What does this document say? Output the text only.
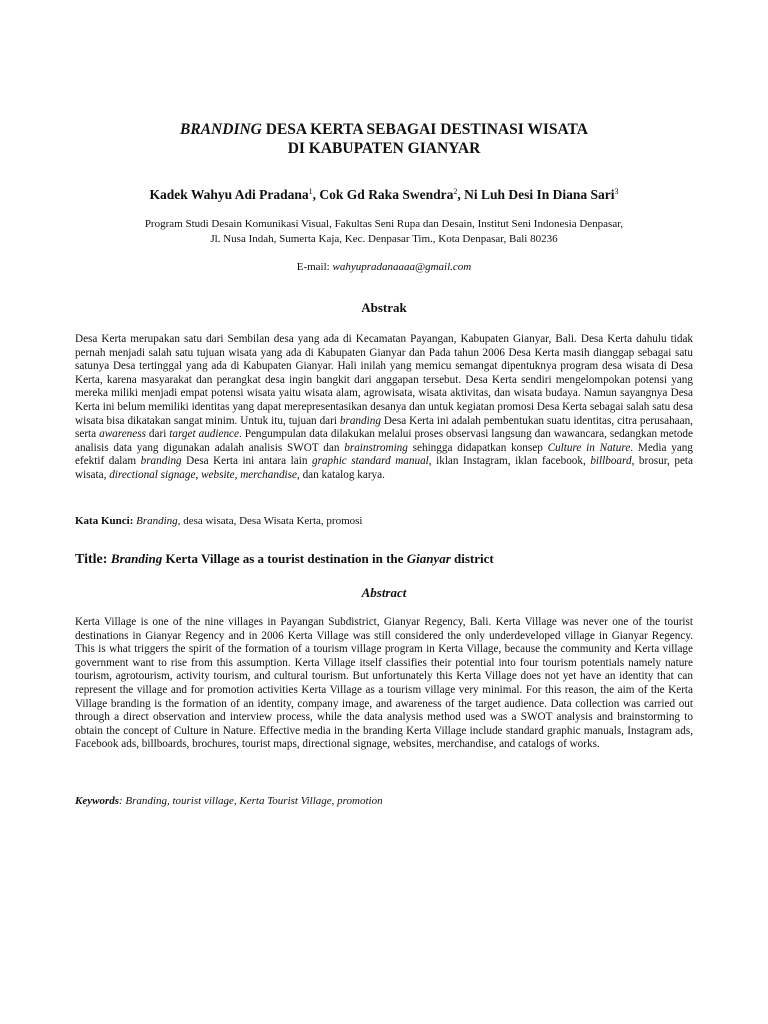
BRANDING DESA KERTA SEBAGAI DESTINASI WISATA
DI KABUPATEN GIANYAR
Kadek Wahyu Adi Pradana$^1$, Cok Gd Raka Swendra$^2$, Ni Luh Desi In Diana Sari$^3$
Program Studi Desain Komunikasi Visual, Fakultas Seni Rupa dan Desain, Institut Seni Indonesia Denpasar,
Jl. Nusa Indah, Sumerta Kaja, Kec. Denpasar Tim., Kota Denpasar, Bali 80236
E-mail: wahyupradanaaaa@gmail.com
Abstrak
Desa Kerta merupakan satu dari Sembilan desa yang ada di Kecamatan Payangan, Kabupaten Gianyar, Bali. Desa Kerta dahulu tidak pernah menjadi salah satu tujuan wisata yang ada di Kabupaten Gianyar dan Pada tahun 2006 Desa Kerta masih dianggap sebagai satu satunya Desa tertinggal yang ada di Kabupaten Gianyar. Hali inilah yang memicu semangat dipentuknya program desa wisata di Desa Kerta, karena masyarakat dan perangkat desa ingin bangkit dari anggapan tersebut. Desa Kerta sendiri mengelompokan potensi yang mereka miliki menjadi empat potensi wisata yaitu wisata alam, agrowisata, wisata aktivitas, dan wisata budaya. Namun sayangnya Desa Kerta ini belum memiliki identitas yang dapat merepresentasikan desanya dan untuk kegiatan promosi Desa Kerta sebagai salah satu desa wisata bisa dikatakan sangat minim. Untuk itu, tujuan dari branding Desa Kerta ini adalah pembentukan suatu identitas, citra perusahaan, serta awareness dari target audience. Pengumpulan data dilakukan melalui proses observasi langsung dan wawancara, sedangkan metode analisis data yang digunakan adalah analisis SWOT dan brainstroming sehingga didapatkan konsep Culture in Nature. Media yang efektif dalam branding Desa Kerta ini antara lain graphic standard manual, iklan Instagram, iklan facebook, billboard, brosur, peta wisata, directional signage, website, merchandise, dan katalog karya.
Kata Kunci: Branding, desa wisata, Desa Wisata Kerta, promosi
Title: Branding Kerta Village as a tourist destination in the Gianyar district
Abstract
Kerta Village is one of the nine villages in Payangan Subdistrict, Gianyar Regency, Bali. Kerta Village was never one of the tourist destinations in Gianyar Regency and in 2006 Kerta Village was still considered the only underdeveloped village in Gianyar Regency. This is what triggers the spirit of the formation of a tourism village program in Kerta Village, because the community and Kerta village government want to rise from this assumption. Kerta Village itself classifies their potential into four tourism potentials namely nature tourism, agrotourism, activity tourism, and cultural tourism. But unfortunately this Kerta Village does not yet have an identity that can represent the village and for promotion activities Kerta Village as a tourism village very minimal. For this reason, the aim of the Kerta Village branding is the formation of an identity, company image, and awareness of the target audience. Data collection was carried out through a direct observation and interview process, while the data analysis method used was a SWOT analysis and brainstorming to obtain the concept of Culture in Nature. Effective media in the branding Kerta Village include standard graphic manuals, Instagram ads, Facebook ads, billboards, brochures, tourist maps, directional signage, websites, merchandise, and catalogs of works.
Keywords: Branding, tourist village, Kerta Tourist Village, promotion
